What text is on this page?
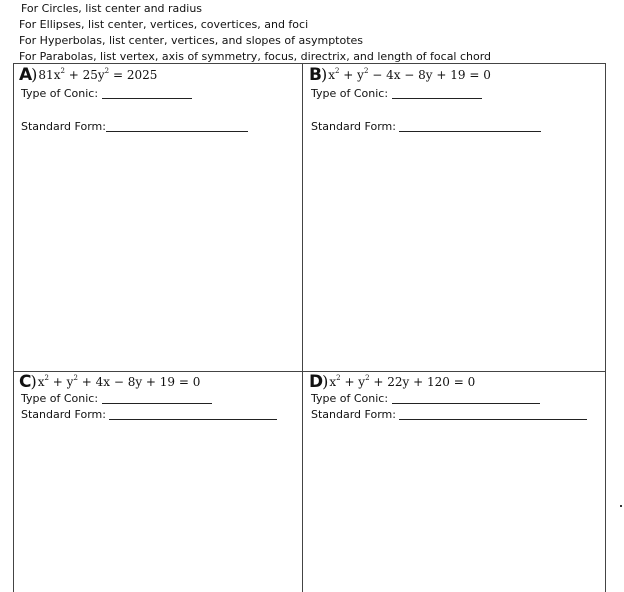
For Circles, list center and radius
For Ellipses, list center, vertices, covertices, and foci
For Hyperbolas, list center, vertices, and slopes of asymptotes
For Parabolas, list vertex, axis of symmetry, focus, directrix, and length of focal chord
A ) $81x^2 + 25y^2 = 2025$
Type of Conic:
Standard Form:
B ) $x^2 + y^2 - 4x - 8y + 19 = 0$
Type of Conic:
Standard Form:
C ) $x^2 + y^2 + 4x - 8y + 19 = 0$
Type of Conic:
Standard Form:
D ) $x^2 + y^2 + 22y + 120 = 0$
Type of Conic:
Standard Form:
